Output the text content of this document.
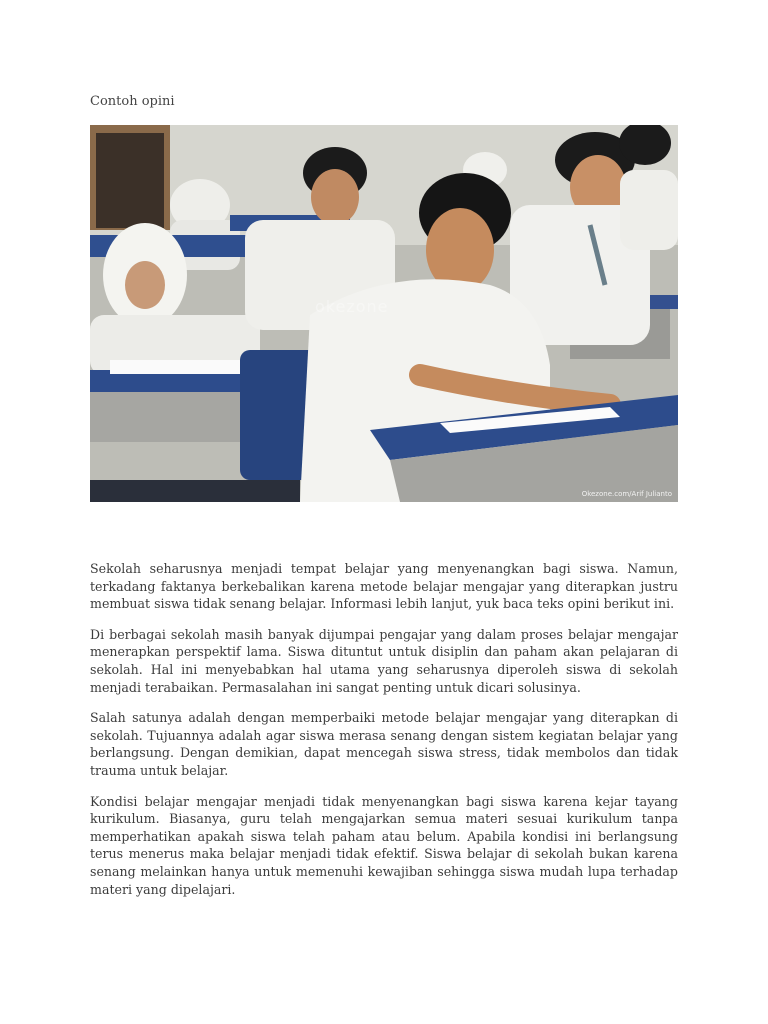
Contoh opini
okezone
Okezone.com/Arif Julianto

Sekolah seharusnya menjadi tempat belajar yang menyenangkan bagi siswa. Namun, terkadang faktanya berkebalikan karena metode belajar mengajar yang diterapkan justru membuat siswa tidak senang belajar. Informasi lebih lanjut, yuk baca teks opini berikut ini.

Di berbagai sekolah masih banyak dijumpai pengajar yang dalam proses belajar mengajar menerapkan perspektif lama. Siswa dituntut untuk disiplin dan paham akan pelajaran di sekolah. Hal ini menyebabkan hal utama yang seharusnya diperoleh siswa di sekolah menjadi terabaikan. Permasalahan ini sangat penting untuk dicari solusinya.

Salah satunya adalah dengan memperbaiki metode belajar mengajar yang diterapkan di sekolah. Tujuannya adalah agar siswa merasa senang dengan sistem kegiatan belajar yang berlangsung. Dengan demikian, dapat mencegah siswa stress, tidak membolos dan tidak trauma untuk belajar.

Kondisi belajar mengajar menjadi tidak menyenangkan bagi siswa karena kejar tayang kurikulum. Biasanya, guru telah mengajarkan semua materi sesuai kurikulum tanpa memperhatikan apakah siswa telah paham atau belum. Apabila kondisi ini berlangsung terus menerus maka belajar menjadi tidak efektif. Siswa belajar di sekolah bukan karena senang melainkan hanya untuk memenuhi kewajiban sehingga siswa mudah lupa terhadap materi yang dipelajari.
